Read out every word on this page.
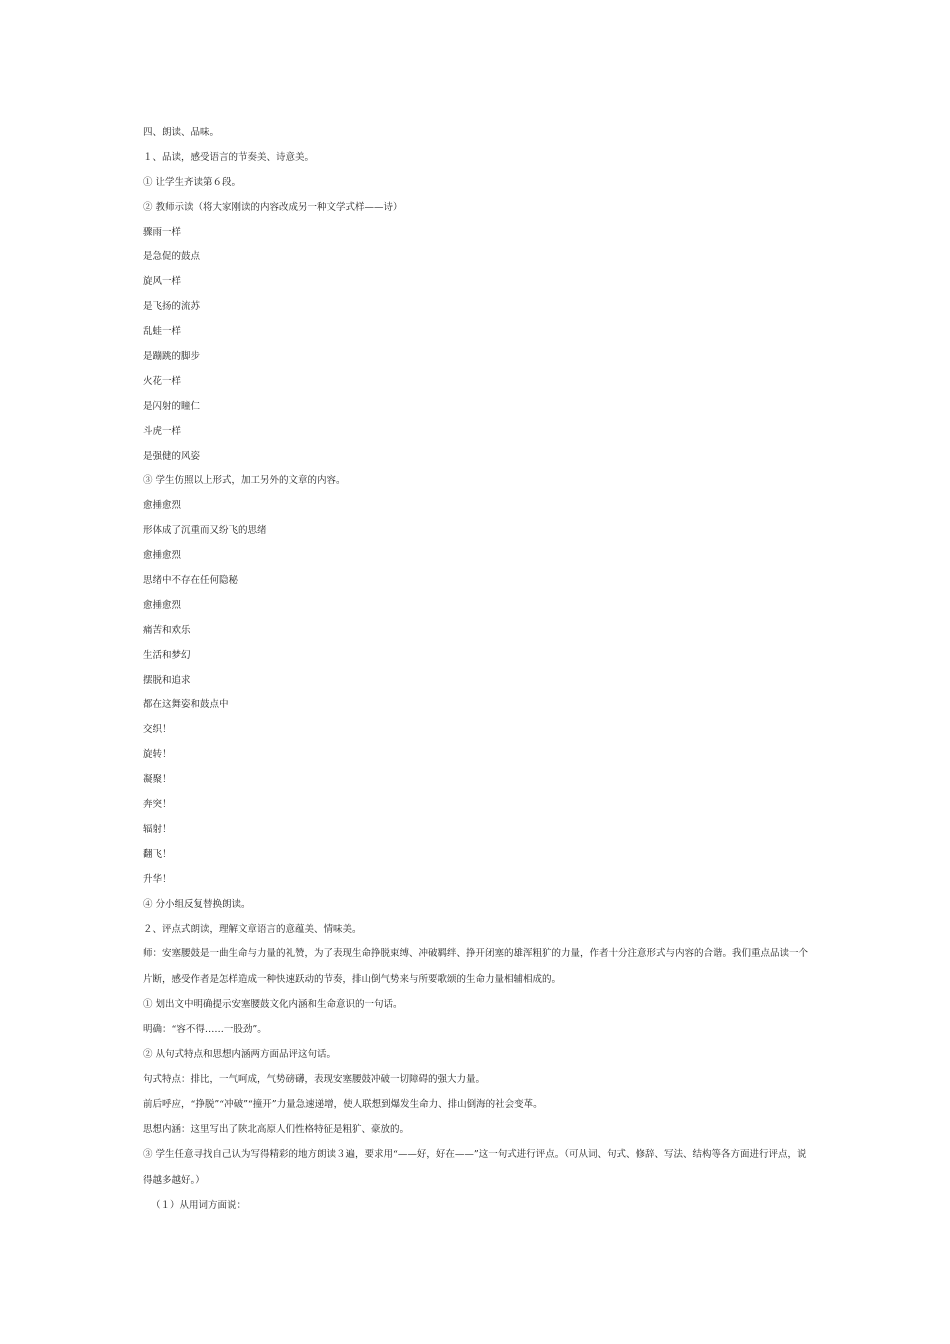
四、朗读、品味。
１、品读，感受语言的节奏美、诗意美。
① 让学生齐读第６段。
② 教师示读（将大家刚读的内容改成另一种文学式样——诗）
骤雨一样
是急促的鼓点
旋风一样
是飞扬的流苏
乱蛙一样
是蹦跳的脚步
火花一样
是闪射的瞳仁
斗虎一样
是强健的风姿
③ 学生仿照以上形式，加工另外的文章的内容。
愈捶愈烈
形体成了沉重而又纷飞的思绪
愈捶愈烈
思绪中不存在任何隐秘
愈捶愈烈
痛苦和欢乐
生活和梦幻
摆脱和追求
都在这舞姿和鼓点中
交织！
旋转！
凝聚！
奔突！
辐射！
翻飞！
升华！
④ 分小组反复替换朗读。
２、评点式朗读，理解文章语言的意蕴美、情味美。
师：安塞腰鼓是一曲生命与力量的礼赞，为了表现生命挣脱束缚、冲破羁绊、挣开闭塞的雄浑粗犷的力量，作者十分注意形式与内容的合谐。我们重点品读一个片断，感受作者是怎样造成一种快速跃动的节奏，排山倒气势来与所要歌颂的生命力量相辅相成的。
① 划出文中明确提示安塞腰鼓文化内涵和生命意识的一句话。
明确：“容不得……一股劲”。
② 从句式特点和思想内涵两方面品评这句话。
句式特点：排比，一气呵成，气势磅礴，表现安塞腰鼓冲破一切障碍的强大力量。
前后呼应，“挣脱”“冲破”“撞开”力量急速递增，使人联想到爆发生命力、排山倒海的社会变革。
思想内涵：这里写出了陕北高原人们性格特征是粗犷、豪放的。
③ 学生任意寻找自己认为写得精彩的地方朗读３遍，要求用“——好，好在——”这一句式进行评点。（可从词、句式、修辞、写法、结构等各方面进行评点，说得越多越好。）
（１）从用词方面说：
